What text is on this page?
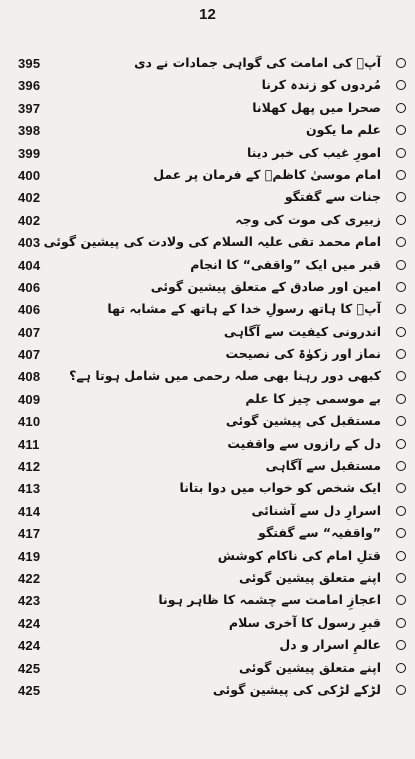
12
395	آپؑ کی امامت کی گواہی جمادات نے دی
396	مُردوں کو زندہ کرنا
397	صحرا میں پھل کھلانا
398	علم ما یکون
399	امورِ غیب کی خبر دینا
400	امام موسیٰ کاظمؑ کے فرمان پر عمل
402	جنات سے گفتگو
402	زبیری کی موت کی وجہ
403 امام محمد تقی علیہ السلام کی ولادت کی پیشین گوئی
404	قبر میں ایک ”واقفی“ کا انجام
406	امین اور صادق کے متعلق پیشین گوئی
406	آپؑ کا ہاتھ رسولِ خدا کے ہاتھ کے مشابہ تھا
407	اندرونی کیفیت سے آگاہی
407	نماز اور زکوٰۃ کی نصیحت
408 کبھی دور رہنا بھی صلہ رحمی میں شامل ہوتا ہے؟
409	بے موسمی چیز کا علم
410	مستقبل کی پیشین گوئی
411	دل کے رازوں سے واقفیت
412	مستقبل سے آگاہی
413	ایک شخص کو خواب میں دوا بتانا
414	اسرارِ دل سے آشنائی
417	”واقفیہ“ سے گفتگو
419	قتلِ امام کی ناکام کوشش
422	اپنے متعلق پیشین گوئی
423	اعجازِ امامت سے چشمہ کا ظاہر ہونا
424	قبرِ رسول کا آخری سلام
424	عالمِ اسرار و دل
425	اپنے متعلق پیشین گوئی
425	لڑکے لڑکی کی پیشین گوئی
